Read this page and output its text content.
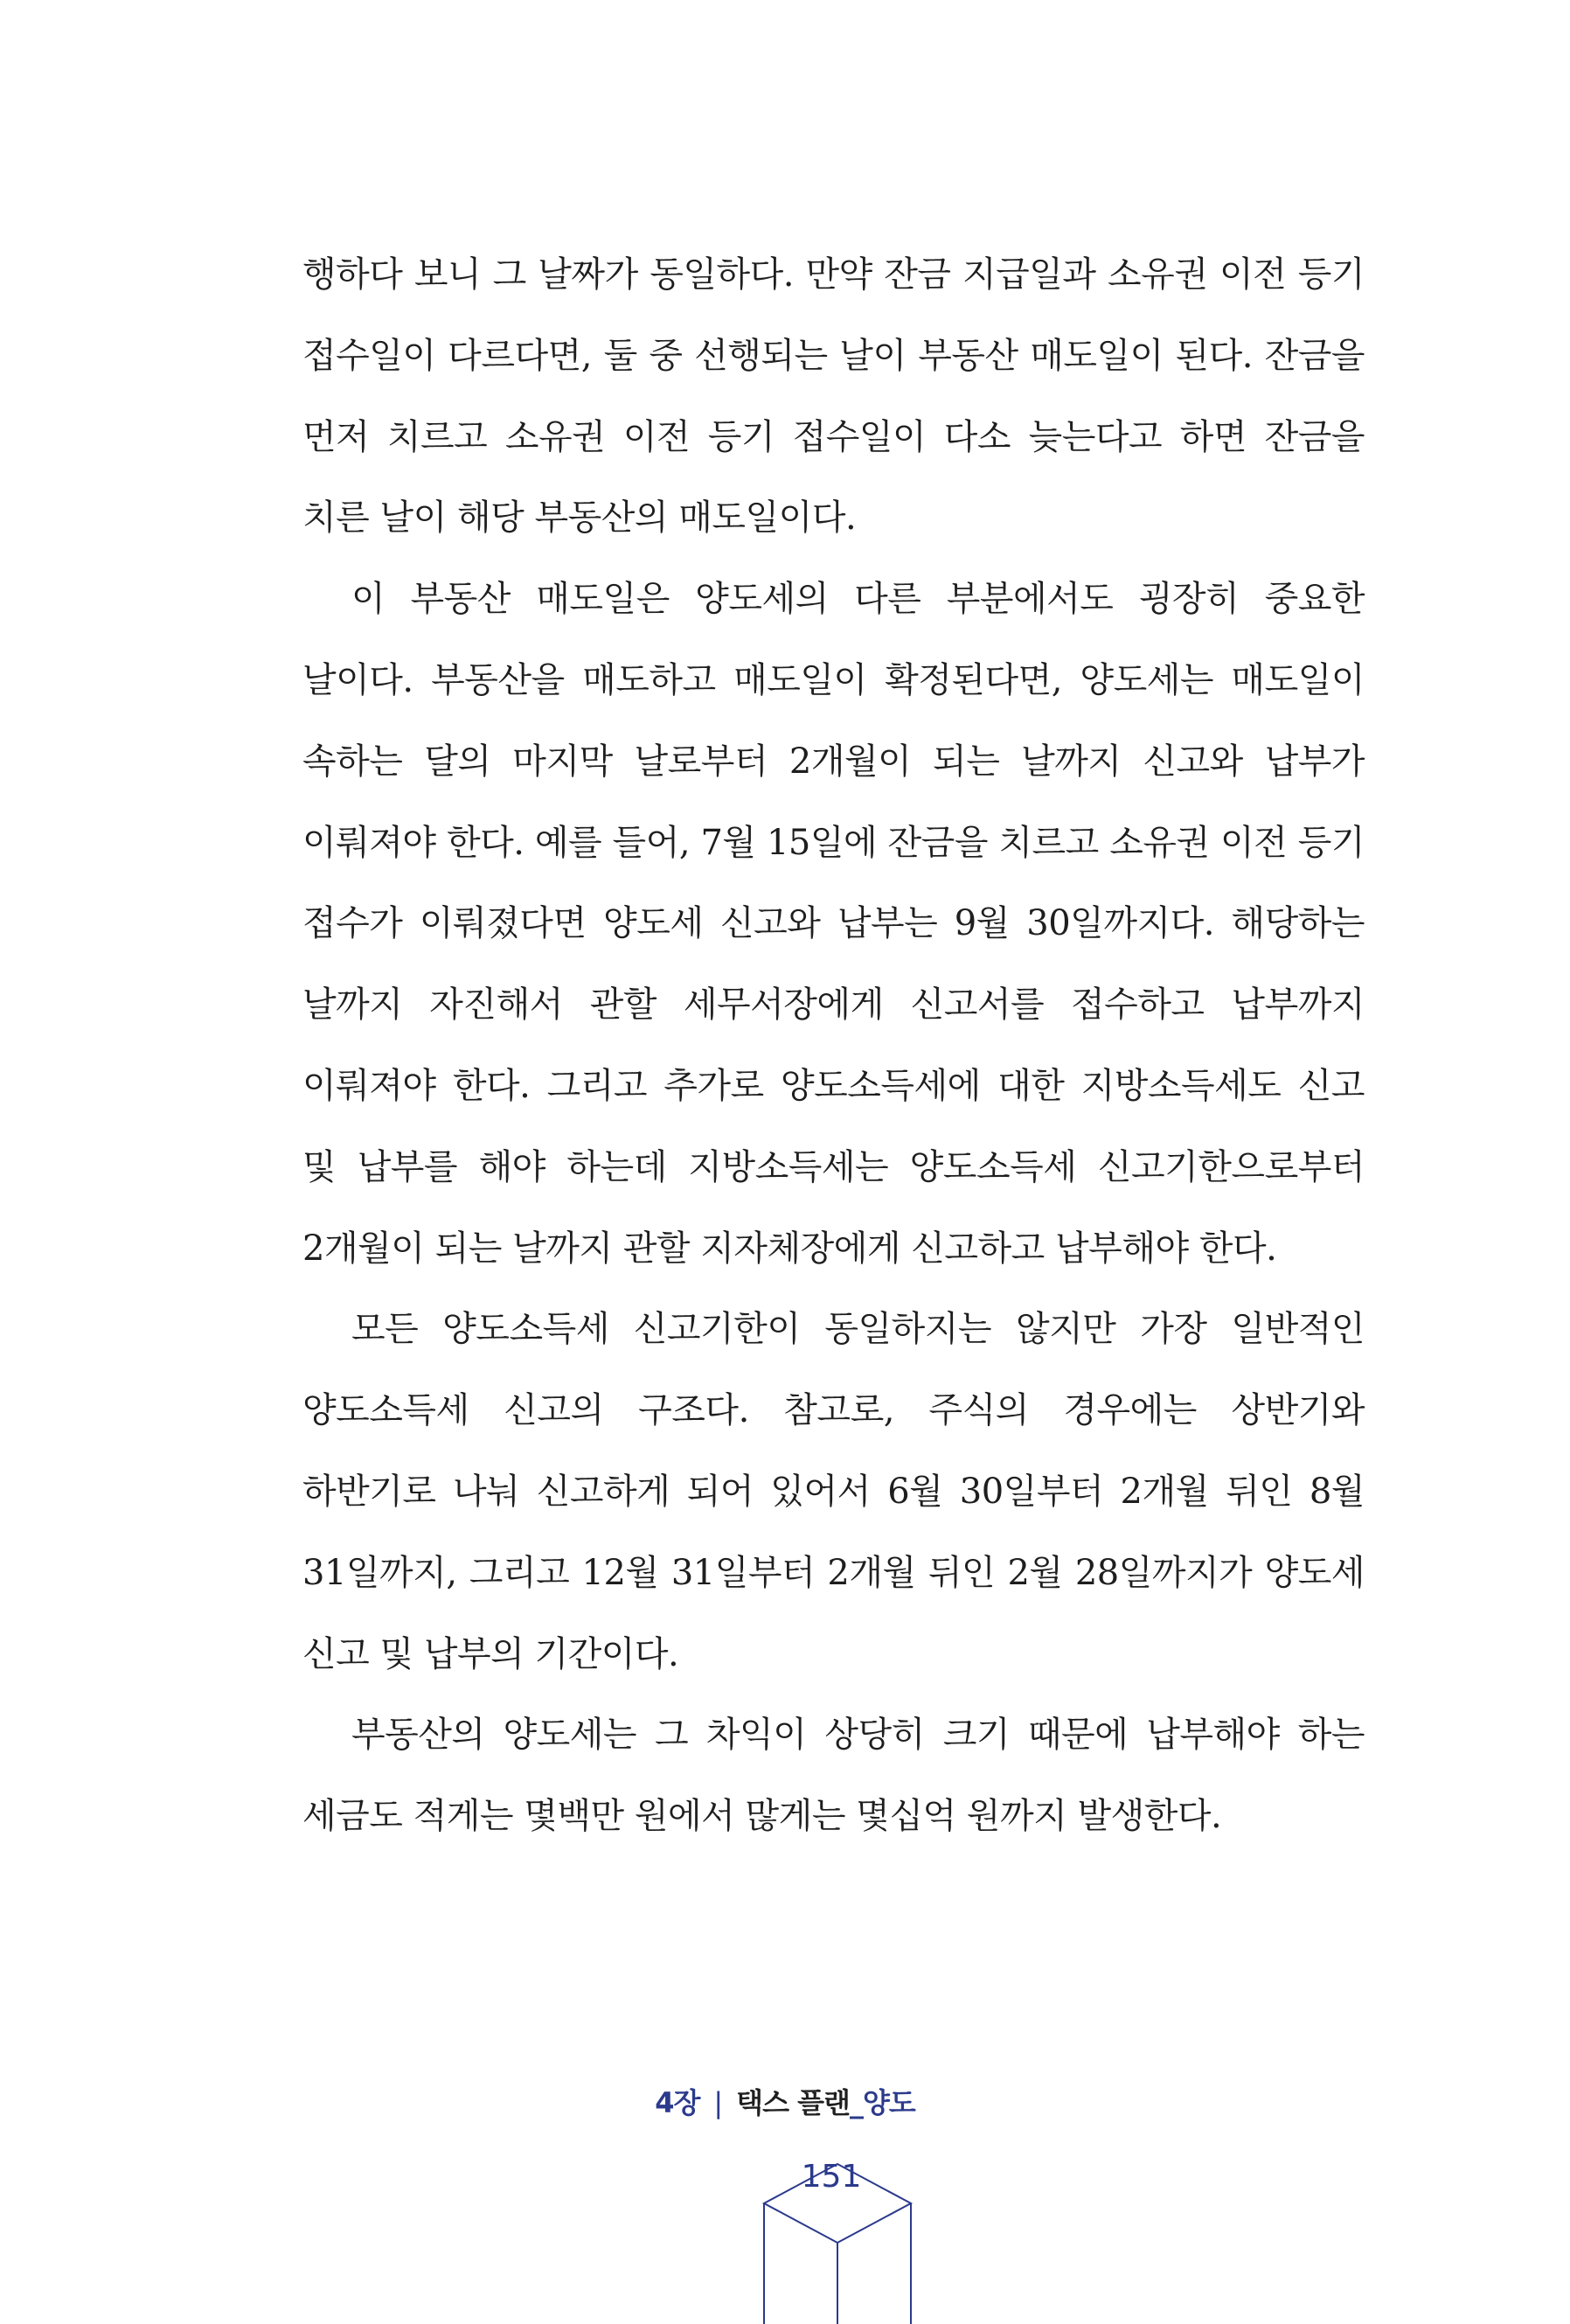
행하다 보니 그 날짜가 동일하다. 만약 잔금 지급일과 소유권 이전 등기 접수일이 다르다면, 둘 중 선행되는 날이 부동산 매도일이 된다. 잔금을 먼저 치르고 소유권 이전 등기 접수일이 다소 늦는다고 하면 잔금을 치른 날이 해당 부동산의 매도일이다.

이 부동산 매도일은 양도세의 다른 부분에서도 굉장히 중요한 날이다. 부동산을 매도하고 매도일이 확정된다면, 양도세는 매도일이 속하는 달의 마지막 날로부터 2개월이 되는 날까지 신고와 납부가 이뤄져야 한다. 예를 들어, 7월 15일에 잔금을 치르고 소유권 이전 등기 접수가 이뤄졌다면 양도세 신고와 납부는 9월 30일까지다. 해당하는 날까지 자진해서 관할 세무서장에게 신고서를 접수하고 납부까지 이뤄져야 한다. 그리고 추가로 양도소득세에 대한 지방소득세도 신고 및 납부를 해야 하는데 지방소득세는 양도소득세 신고기한으로부터 2개월이 되는 날까지 관할 지자체장에게 신고하고 납부해야 한다.

모든 양도소득세 신고기한이 동일하지는 않지만 가장 일반적인 양도소득세 신고의 구조다. 참고로, 주식의 경우에는 상반기와 하반기로 나눠 신고하게 되어 있어서 6월 30일부터 2개월 뒤인 8월 31일까지, 그리고 12월 31일부터 2개월 뒤인 2월 28일까지가 양도세 신고 및 납부의 기간이다.

부동산의 양도세는 그 차익이 상당히 크기 때문에 납부해야 하는 세금도 적게는 몇백만 원에서 많게는 몇십억 원까지 발생한다.

4장 | 택스 플랜_양도
151
